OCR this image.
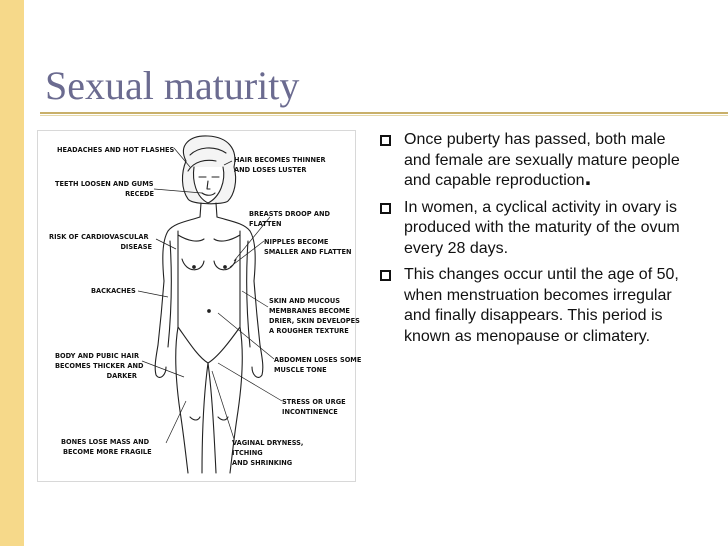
Sexual maturity
HEADACHES AND HOT FLASHES
TEETH LOOSEN AND GUMS
RECEDE
RISK OF CARDIOVASCULAR
DISEASE
BACKACHES
BODY AND PUBIC HAIR
BECOMES THICKER AND
DARKER
BONES LOSE MASS AND
BECOME MORE FRAGILE
HAIR BECOMES THINNER
AND LOSES LUSTER
BREASTS DROOP AND
FLATTEN
NIPPLES BECOME
SMALLER AND FLATTEN
SKIN AND MUCOUS
MEMBRANES BECOME
DRIER, SKIN DEVELOPES
A ROUGHER TEXTURE
ABDOMEN LOSES SOME
MUSCLE TONE
STRESS OR URGE
INCONTINENCE
VAGINAL DRYNESS,
ITCHING
AND SHRINKING
Once puberty has passed, both male and female are sexually mature people and capable reproduction.
In women, a cyclical activity in ovary is produced with the maturity of the ovum every 28 days.
This changes occur until the age of 50, when menstruation becomes irregular and finally disappears. This period is known as menopause or climatery.
